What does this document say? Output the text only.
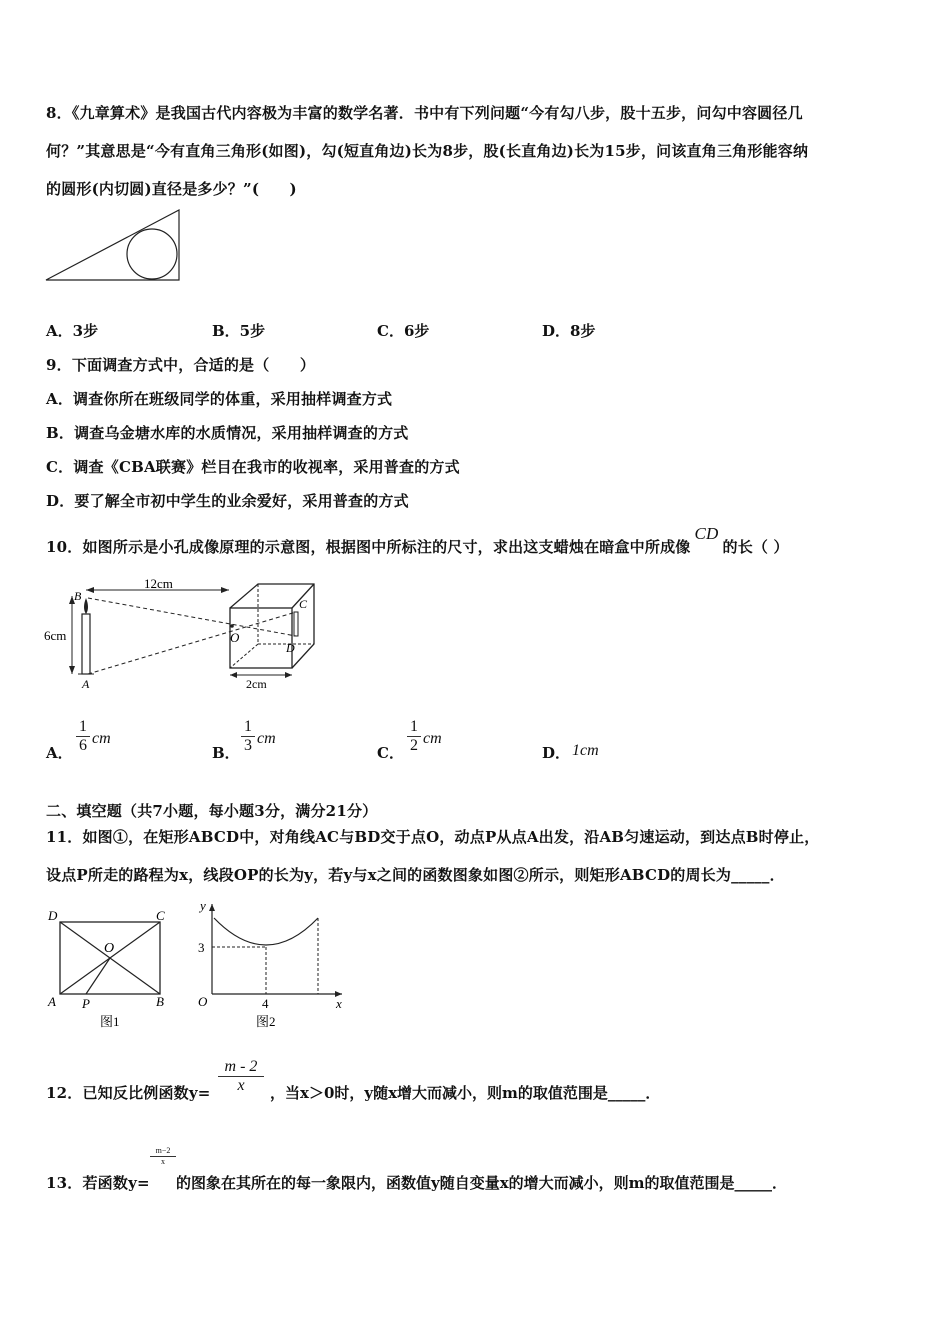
8．《九章算术》是我国古代内容极为丰富的数学名著．书中有下列问题“今有勾八步，股十五步，问勾中容圆径几
何？”其意思是“今有直角三角形(如图)，勾(短直角边)长为8步，股(长直角边)长为15步，问该直角三角形能容纳
的圆形(内切圆)直径是多少？”(　　)
A．3步	B．5步	C．6步	D．8步
9．下面调查方式中，合适的是（　　）
A．调查你所在班级同学的体重，采用抽样调查方式
B．调查乌金塘水库的水质情况，采用抽样调查的方式
C．调查《CBA联赛》栏目在我市的收视率，采用普查的方式
D．要了解全市初中学生的业余爱好，采用普查的方式
10．如图所示是小孔成像原理的示意图，根据图中所标注的尺寸，求出这支蜡烛在暗盒中所成像CD的长（ ）
12cm
6cm
B
A
O
C
D
2cm
A．
1
6 cm
B．
1
3 cm
C．
1
2 cm
D． 1cm
二、填空题（共7小题，每小题3分，满分21分）
11．如图①，在矩形ABCD中，对角线AC与BD交于点O，动点P从点A出发，沿AB匀速运动，到达点B时停止，
设点P所走的路程为x，线段OP的长为y，若y与x之间的函数图象如图②所示，则矩形ABCD的周长为_____．
D	C
O
A P	B
图1
y
x
O
3
4
图2
12．已知反比例函数y=
m - 2
x	，当x＞0时，y随x增大而减小，则m的取值范围是_____．
13．若函数y=
m−2
x
的图象在其所在的每一象限内，函数值y随自变量x的增大而减小，则m的取值范围是_____．
